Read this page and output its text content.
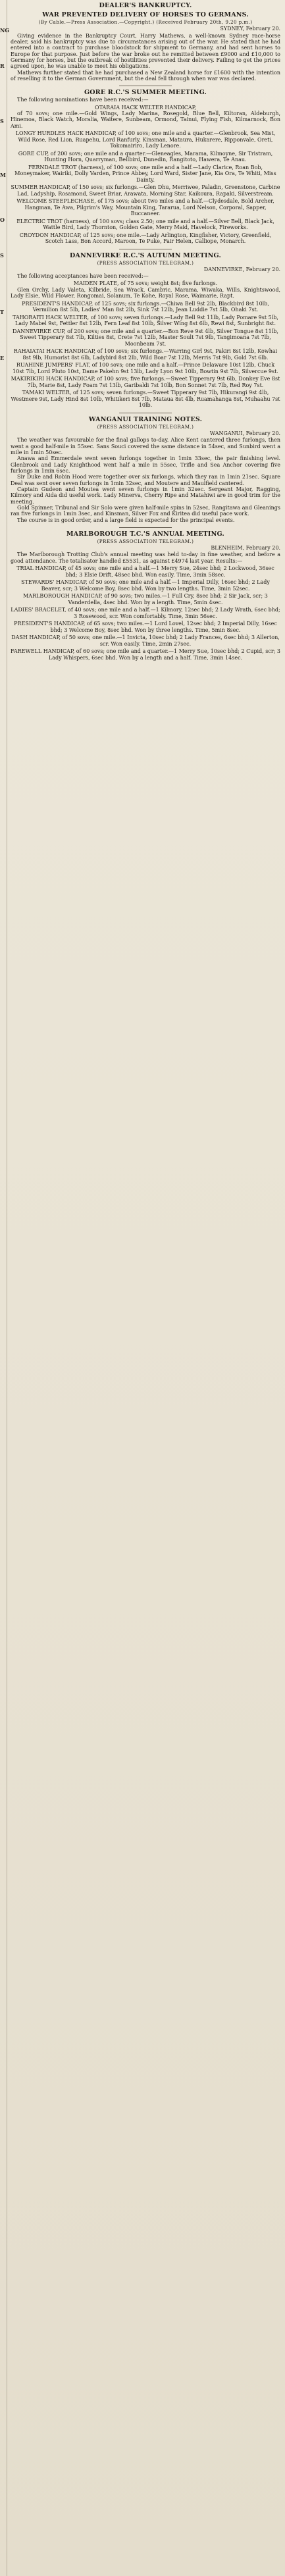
NG
R
S
M
O
S
T
E
DEALER'S BANKRUPTCY.
WAR PREVENTED DELIVERY OF HORSES TO GERMANS.
(By Cable.—Press Association.—Copyright.) (Received February 20th, 9.20 p.m.)
SYDNEY, February 20.
Giving evidence in the Bankruptcy Court, Harry Mathews, a well-known Sydney race-horse dealer, said his bankruptcy was due to circumstances arising out of the war. He stated that he had entered into a contract to purchase bloodstock for shipment to Germany, and had sent horses to Europe for that purpose. Just before the war broke out he remitted between £9000 and £10,000 to Germany for horses, but the outbreak of hostilities prevented their delivery. Failing to get the prices agreed upon, he was unable to meet his obligations.
Mathews further stated that he had purchased a New Zealand horse for £1600 with the intention of reselling it to the German Government, but the deal fell through when war was declared.
GORE R.C.'S SUMMER MEETING.
The following nominations have been received:—
OTARAIA HACK WELTER HANDICAP,
of 70 sovs; one mile.—Gold Wings, Lady Marina, Rosegold, Blue Bell, Kiltoran, Aldeburgh, Hinemoa, Black Watch, Moralia, Waitere, Sunbeam, Ormond, Tainui, Flying Fish, Kilmarnock, Bon Ami.
LONGY HURDLES HACK HANDICAP, of 100 sovs; one mile and a quarter.—Glenbrook, Sea Mist, Wild Rose, Red Lion, Ruapehu, Lord Ranfurly, Kinsman, Mataura, Hukarere, Ripponvale, Oreti, Tokomairiro, Lady Lenore.
GORE CUP, of 200 sovs; one mile and a quarter.—Gleneagles, Marama, Kilmoyne, Sir Tristram, Hunting Horn, Quarryman, Bellbird, Dunedin, Rangitoto, Hawera, Te Anau.
FERNDALE TROT (harness), of 100 sovs; one mile and a half.—Lady Clarice, Roan Bob, Moneymaker, Wairiki, Dolly Varden, Prince Abbey, Lord Ward, Sister Jane, Kia Ora, Te Whiti, Miss Dainty.
SUMMER HANDICAP, of 150 sovs; six furlongs.—Glen Dhu, Merriwee, Paladin, Greenstone, Carbine Lad, Ladyship, Rosamond, Sweet Briar, Arawata, Morning Star, Kaikoura, Rapaki, Silverstream.
WELCOME STEEPLECHASE, of 175 sovs; about two miles and a half.—Clydesdale, Bold Archer, Hangman, Te Awa, Pilgrim's Way, Mountain King, Tararua, Lord Nelson, Corporal, Sapper, Buccaneer.
ELECTRIC TROT (harness), of 100 sovs; class 2.50; one mile and a half.—Silver Bell, Black Jack, Wattle Bird, Lady Thornton, Golden Gate, Merry Maid, Havelock, Fireworks.
CROYDON HANDICAP, of 125 sovs; one mile.—Lady Arlington, Kingfisher, Victory, Greenfield, Scotch Lass, Bon Accord, Maroon, Te Puke, Fair Helen, Calliope, Monarch.
DANNEVIRKE R.C.'S AUTUMN MEETING.
(PRESS ASSOCIATION TELEGRAM.)
DANNEVIRKE, February 20.
The following acceptances have been received:—
MAIDEN PLATE, of 75 sovs; weight 8st; five furlongs.
Glen Orchy, Lady Valeta, Kilbride, Sea Wrack, Cambric, Marama, Wiwaka, Wills, Knightswood, Lady Elsie, Wild Flower, Rongomai, Solanum, Te Kohe, Royal Rose, Waimarie, Rapt.
PRESIDENT'S HANDICAP, of 125 sovs; six furlongs.—Chiwa Bell 9st 2lb, Blackbird 8st 10lb, Vermilion 8st 5lb, Ladies' Man 8st 2lb, Sink 7st 12lb, Jean Luddie 7st 5lb, Ohaki 7st.
TAHORAITI HACK WELTER, of 100 sovs; seven furlongs.—Lady Bell 9st 11lb, Lady Pomare 9st 5lb, Lady Mabel 9st, Fettler 8st 12lb, Fern Leaf 8st 10lb, Silver Wing 8st 6lb, Rewi 8st, Sunbright 8st.
DANNEVIRKE CUP, of 200 sovs; one mile and a quarter.—Bon Reve 9st 4lb, Silver Tongue 8st 11lb, Sweet Tipperary 8st 7lb, Kilties 8st, Crete 7st 12lb, Master Soult 7st 9lb, Tangimoana 7st 7lb, Moonbeam 7st.
RAHAIATAI HACK HANDICAP, of 100 sovs; six furlongs.—Warring Girl 9st, Pakiri 8st 12lb, Kowhai 8st 9lb, Humorist 8st 6lb, Ladybird 8st 2lb, Wild Boar 7st 12lb, Merris 7st 9lb, Gold 7st 6lb.
RUAHINE JUMPERS' FLAT, of 100 sovs; one mile and a half.—Prince Delaware 10st 12lb, Chuck 10st 7lb, Lord Pluto 10st, Dame Pakehn 9st 13lb, Lady Lyon 9st 10lb, Bowtin 9st 7lb, Silvercue 9st.
MAKIRIKIRI HACK HANDICAP, of 100 sovs; five furlongs.—Sweet Tipperary 9st 6lb, Donkey Eve 8st 7lb, Marie 8st, Lady Foam 7st 13lb, Garibaldi 7st 10lb, Bon Sonnet 7st 7lb, Red Roy 7st.
TAMAKI WELTER, of 125 sovs; seven furlongs.—Sweet Tipperary 9st 7lb, Hikurangi 9st 4lb, Westmere 9st, Lady Hind 8st 10lb, Whitikeri 8st 7lb, Mataua 8st 4lb, Ruamahanga 8st, Muhaahu 7st 10lb.
WANGANUI TRAINING NOTES.
(PRESS ASSOCIATION TELEGRAM.)
WANGANUI, February 20.
The weather was favourable for the final gallops to-day. Alice Kent cantered three furlongs, then went a good half-mile in 55sec. Sans Souci covered the same distance in 54sec, and Sunbird went a mile in 1min 50sec.
Anawa and Emmerdale went seven furlongs together in 1min 33sec, the pair finishing level. Glenbrook and Lady Knighthood went half a mile in 55sec, Trifle and Sea Anchor covering five furlongs in 1min 6sec.
Sir Duke and Robin Hood were together over six furlongs, which they ran in 1min 21sec. Square Deal was sent over seven furlongs in 1min 32sec, and Moutere and Maulfield cantered.
Captain Gudeon and Moutea went seven furlongs in 1min 32sec. Sergeant Major, Ragging, Kilmory and Aida did useful work. Lady Minerva, Cherry Ripe and Matahiwi are in good trim for the meeting.
Gold Spinner, Tribunal and Sir Solo were given half-mile spins in 52sec, Rangitawa and Gleanings ran five furlongs in 1min 3sec, and Kinsman, Silver Fox and Kiritea did useful pace work.
The course is in good order, and a large field is expected for the principal events.
MARLBOROUGH T.C.'S ANNUAL MEETING.
(PRESS ASSOCIATION TELEGRAM.)
BLENHEIM, February 20.
The Marlborough Trotting Club's annual meeting was held to-day in fine weather, and before a good attendance. The totalisator handled £5531, as against £4974 last year. Results:—
TRIAL HANDICAP, of 45 sovs; one mile and a half.—1 Merry Sue, 24sec bhd; 2 Lockwood, 36sec bhd; 3 Elsie Drift, 48sec bhd. Won easily. Time, 3min 58sec.
STEWARDS' HANDICAP, of 50 sovs; one mile and a half.—1 Imperial Dilly, 16sec bhd; 2 Lady Beaver, scr; 3 Welcome Boy, 8sec bhd. Won by two lengths. Time, 3min 52sec.
MARLBOROUGH HANDICAP, of 90 sovs; two miles.—1 Full Cry, 8sec bhd; 2 Sir Jack, scr; 3 Vanderdella, 4sec bhd. Won by a length. Time, 5min 4sec.
LADIES' BRACELET, of 40 sovs; one mile and a half.—1 Kilmory, 12sec bhd; 2 Lady Wrath, 6sec bhd; 3 Rosewood, scr. Won comfortably. Time, 3min 56sec.
PRESIDENT'S HANDICAP, of 65 sovs; two miles.—1 Lord Lovel, 12sec bhd; 2 Imperial Dilly, 16sec bhd; 3 Welcome Boy, 8sec bhd. Won by three lengths. Time, 5min 8sec.
DASH HANDICAP, of 50 sovs; one mile.—1 Invicta, 10sec bhd; 2 Lady Frances, 6sec bhd; 3 Allerton, scr. Won easily. Time, 2min 27sec.
FAREWELL HANDICAP, of 60 sovs; one mile and a quarter.—1 Merry Sue, 10sec bhd; 2 Cupid, scr; 3 Lady Whispers, 6sec bhd. Won by a length and a half. Time, 3min 14sec.
